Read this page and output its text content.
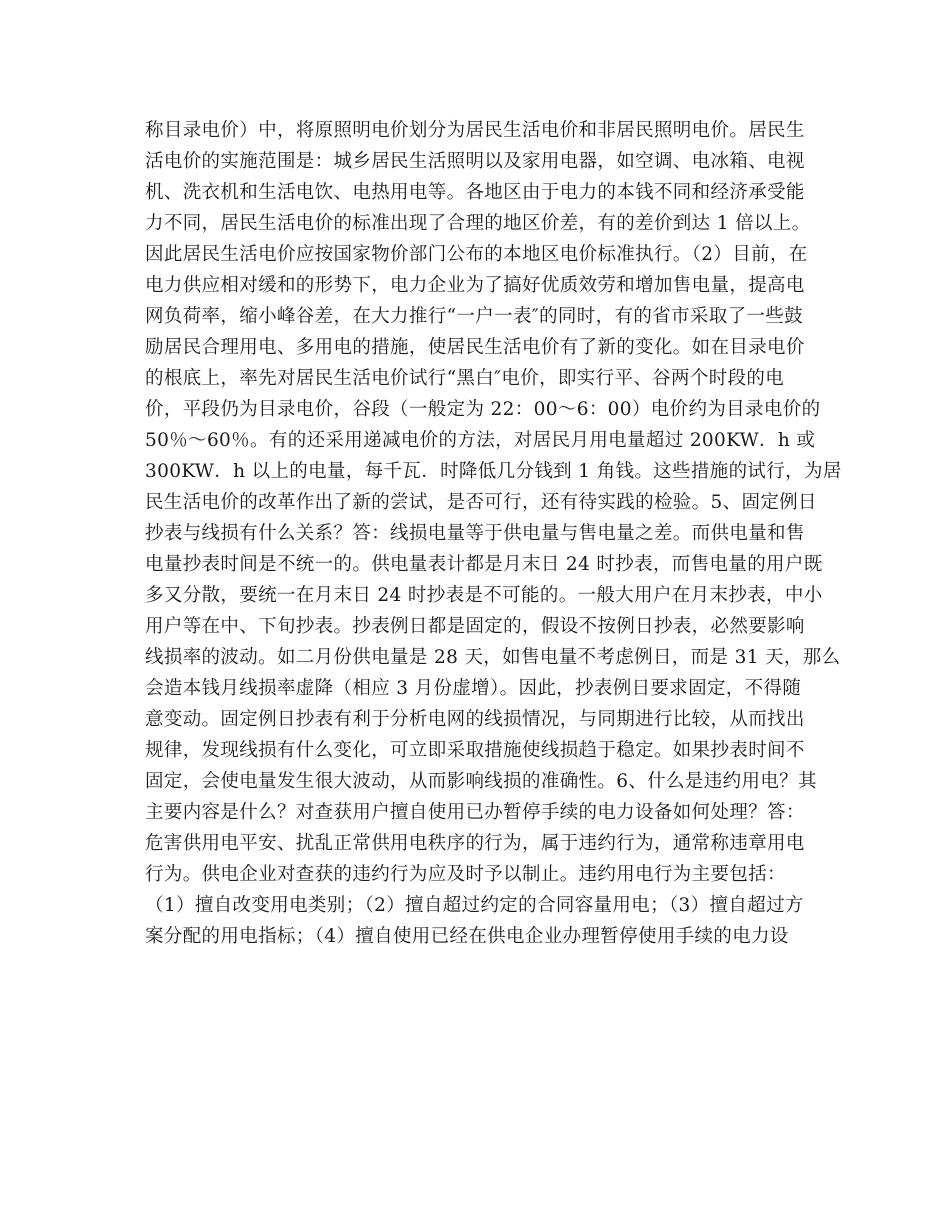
称目录电价）中，将原照明电价划分为居民生活电价和非居民照明电价。居民生
活电价的实施范围是：城乡居民生活照明以及家用电器，如空调、电冰箱、电视
机、洗衣机和生活电饮、电热用电等。各地区由于电力的本钱不同和经济承受能
力不同，居民生活电价的标准出现了合理的地区价差，有的差价到达 1 倍以上。
因此居民生活电价应按国家物价部门公布的本地区电价标准执行。（2）目前，在
电力供应相对缓和的形势下，电力企业为了搞好优质效劳和增加售电量，提高电
网负荷率，缩小峰谷差，在大力推行“一户一表″的同时，有的省市采取了一些鼓
励居民合理用电、多用电的措施，使居民生活电价有了新的变化。如在目录电价
的根底上，率先对居民生活电价试行“黑白″电价，即实行平、谷两个时段的电
价，平段仍为目录电价，谷段（一般定为 22：00～6：00）电价约为目录电价的
50％～60％。有的还采用递减电价的方法，对居民月用电量超过 200KW．h 或
300KW．h 以上的电量，每千瓦．时降低几分钱到 1 角钱。这些措施的试行，为居
民生活电价的改革作出了新的尝试，是否可行，还有待实践的检验。5、固定例日
抄表与线损有什么关系？答：线损电量等于供电量与售电量之差。而供电量和售
电量抄表时间是不统一的。供电量表计都是月末日 24 时抄表，而售电量的用户既
多又分散，要统一在月末日 24 时抄表是不可能的。一般大用户在月末抄表，中小
用户等在中、下旬抄表。抄表例日都是固定的，假设不按例日抄表，必然要影响
线损率的波动。如二月份供电量是 28 天，如售电量不考虑例日，而是 31 天，那么
会造本钱月线损率虚降（相应 3 月份虚增）。因此，抄表例日要求固定，不得随
意变动。固定例日抄表有利于分析电网的线损情况，与同期进行比较，从而找出
规律，发现线损有什么变化，可立即采取措施使线损趋于稳定。如果抄表时间不
固定，会使电量发生很大波动，从而影响线损的准确性。6、什么是违约用电？其
主要内容是什么？对查获用户擅自使用已办暂停手续的电力设备如何处理？答：
危害供用电平安、扰乱正常供用电秩序的行为，属于违约行为，通常称违章用电
行为。供电企业对查获的违约行为应及时予以制止。违约用电行为主要包括：
（1）擅自改变用电类别；（2）擅自超过约定的合同容量用电；（3）擅自超过方
案分配的用电指标；（4）擅自使用已经在供电企业办理暂停使用手续的电力设
